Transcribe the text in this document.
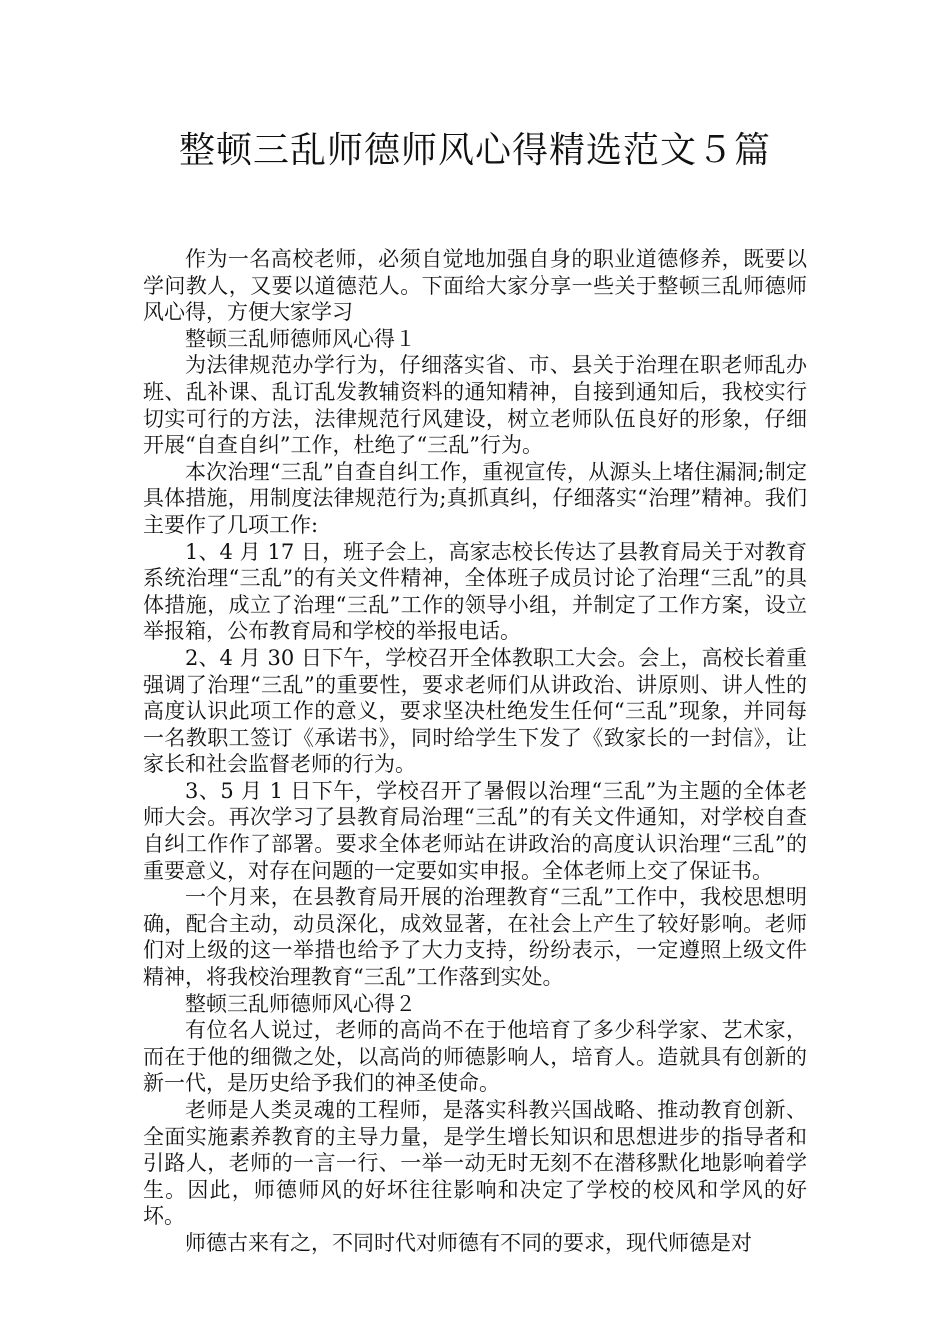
整顿三乱师德师风心得精选范文５篇

作为一名高校老师，必须自觉地加强自身的职业道德修养，既要以学问教人，又要以道德范人。下面给大家分享一些关于整顿三乱师德师风心得，方便大家学习

整顿三乱师德师风心得１

为法律规范办学行为，仔细落实省、市、县关于治理在职老师乱办班、乱补课、乱订乱发教辅资料的通知精神，自接到通知后，我校实行切实可行的方法，法律规范行风建设，树立老师队伍良好的形象，仔细开展“自查自纠”工作，杜绝了“三乱”行为。

本次治理“三乱”自查自纠工作，重视宣传，从源头上堵住漏洞;制定具体措施，用制度法律规范行为;真抓真纠，仔细落实“治理”精神。我们主要作了几项工作:

1、4 月 17 日，班子会上，高家志校长传达了县教育局关于对教育系统治理“三乱”的有关文件精神，全体班子成员讨论了治理“三乱”的具体措施，成立了治理“三乱”工作的领导小组，并制定了工作方案，设立举报箱，公布教育局和学校的举报电话。

2、4 月 30 日下午，学校召开全体教职工大会。会上，高校长着重强调了治理“三乱”的重要性，要求老师们从讲政治、讲原则、讲人性的高度认识此项工作的意义，要求坚决杜绝发生任何“三乱”现象，并同每一名教职工签订《承诺书》，同时给学生下发了《致家长的一封信》，让家长和社会监督老师的行为。

3、5 月 1 日下午，学校召开了暑假以治理“三乱”为主题的全体老师大会。再次学习了县教育局治理“三乱”的有关文件通知，对学校自查自纠工作作了部署。要求全体老师站在讲政治的高度认识治理“三乱”的重要意义，对存在问题的一定要如实申报。全体老师上交了保证书。

一个月来，在县教育局开展的治理教育“三乱”工作中，我校思想明确，配合主动，动员深化，成效显著，在社会上产生了较好影响。老师们对上级的这一举措也给予了大力支持，纷纷表示，一定遵照上级文件精神，将我校治理教育“三乱”工作落到实处。

整顿三乱师德师风心得２

有位名人说过，老师的高尚不在于他培育了多少科学家、艺术家，而在于他的细微之处，以高尚的师德影响人，培育人。造就具有创新的新一代，是历史给予我们的神圣使命。

老师是人类灵魂的工程师，是落实科教兴国战略、推动教育创新、全面实施素养教育的主导力量，是学生增长知识和思想进步的指导者和引路人，老师的一言一行、一举一动无时无刻不在潜移默化地影响着学生。因此，师德师风的好坏往往影响和决定了学校的校风和学风的好坏。

师德古来有之，不同时代对师德有不同的要求，现代师德是对
